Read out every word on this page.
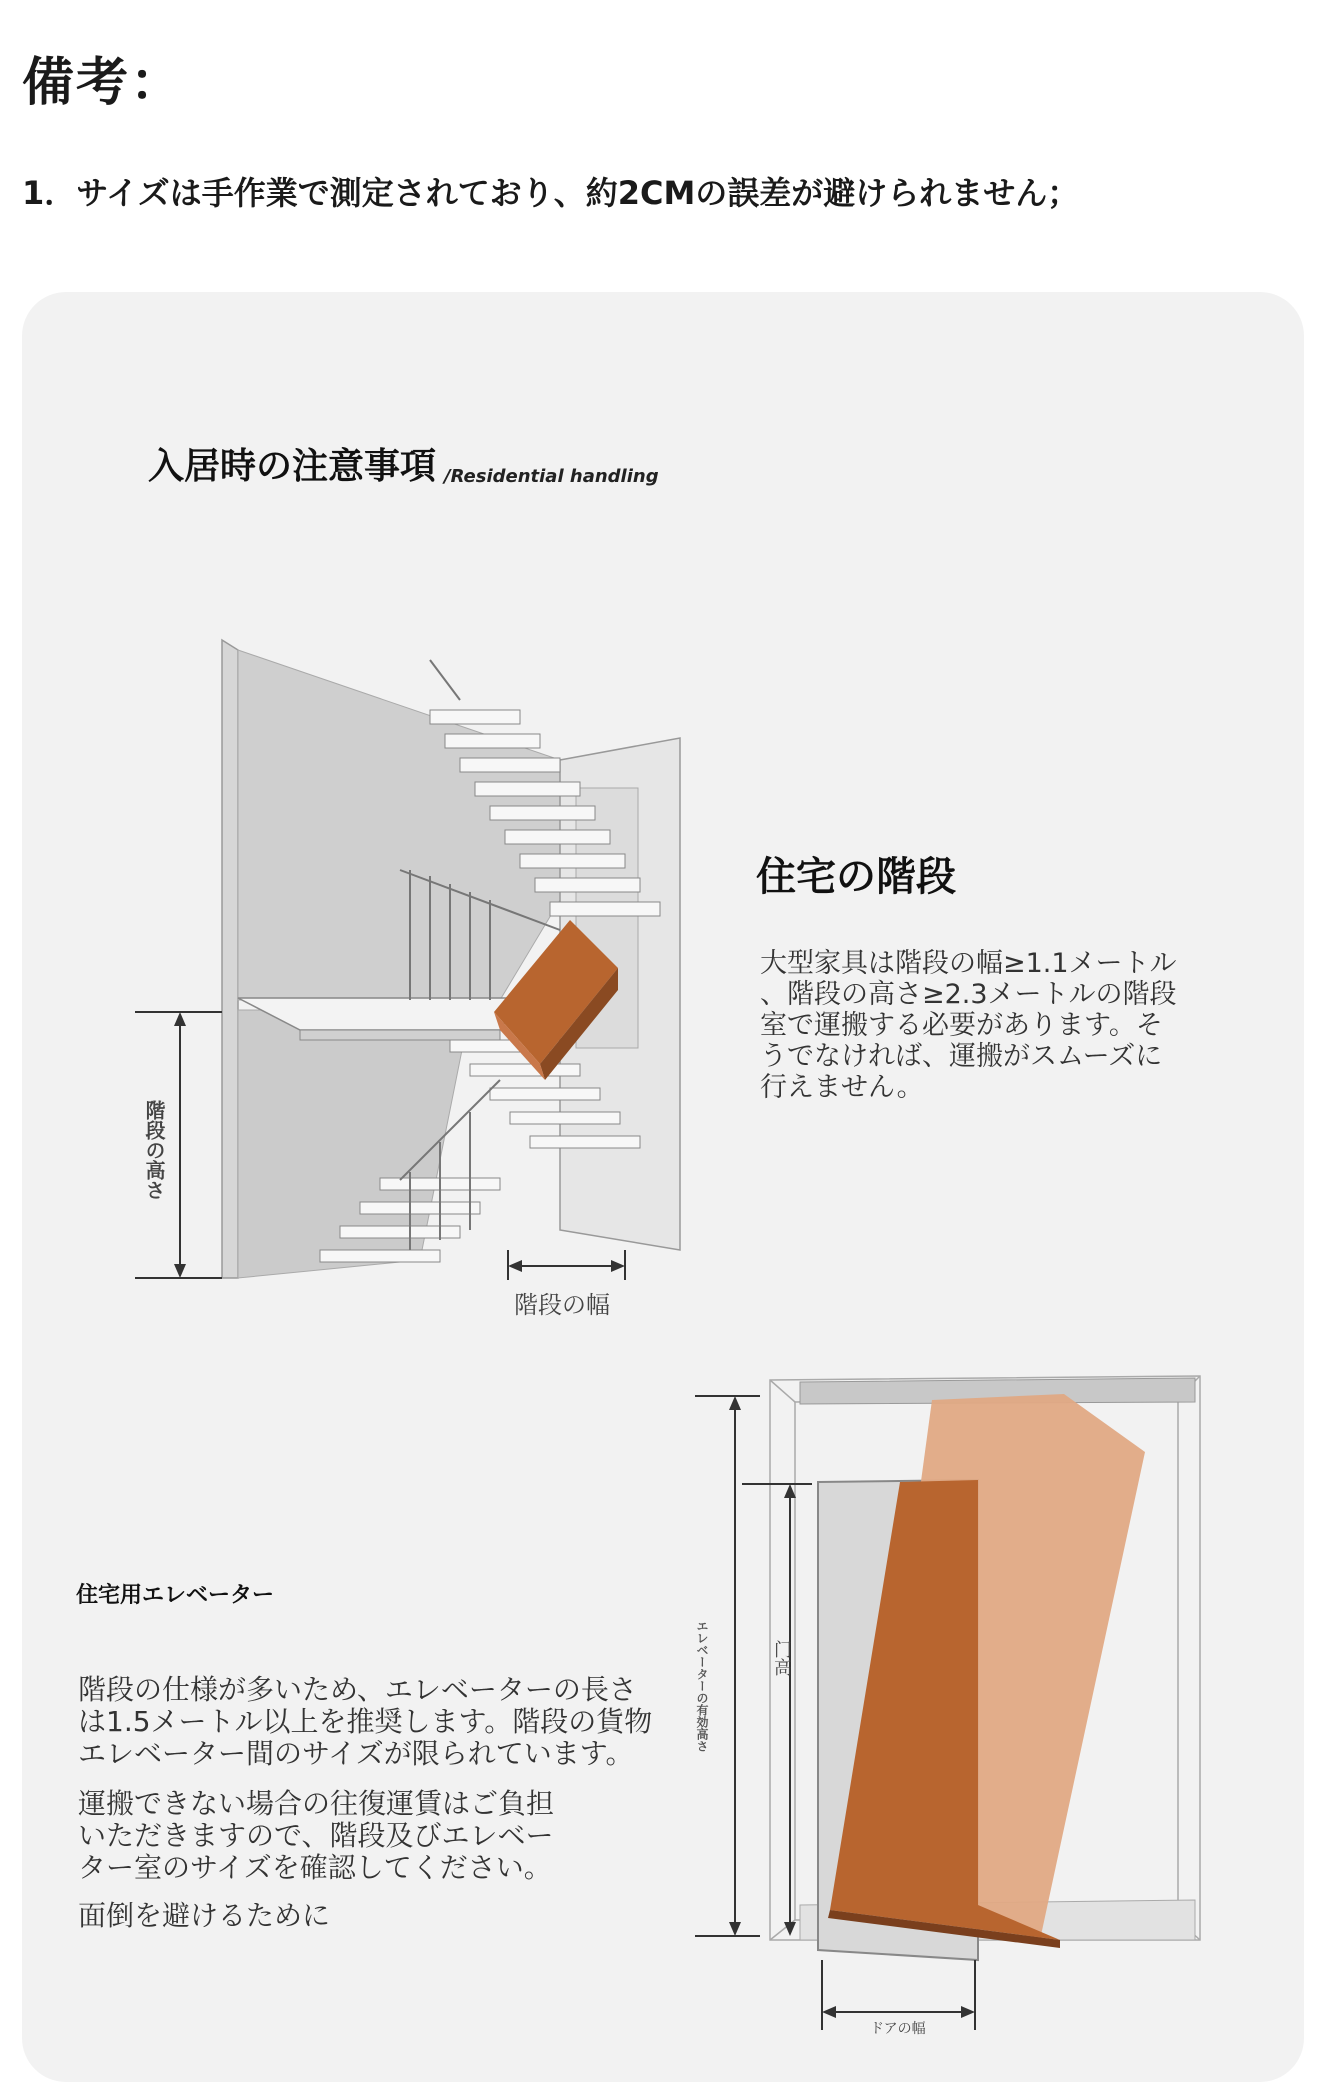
備考：
1．サイズは手作業で測定されており、約2CMの誤差が避けられません；
入居時の注意事項 /Residential handling
階段の高さ
階段の幅
住宅の階段
大型家具は階段の幅≥1.1メートル
、階段の高さ≥2.3メートルの階段
室で運搬する必要があります。そ
うでなければ、運搬がスムーズに
行えません。
エレベーターの有効高さ	门高
ドアの幅
住宅用エレベーター
階段の仕様が多いため、エレベーターの長さ
は1.5メートル以上を推奨します。階段の貨物
エレベーター間のサイズが限られています。
運搬できない場合の往復運賃はご負担
いただきますので、階段及びエレベー
ター室のサイズを確認してください。
面倒を避けるために
